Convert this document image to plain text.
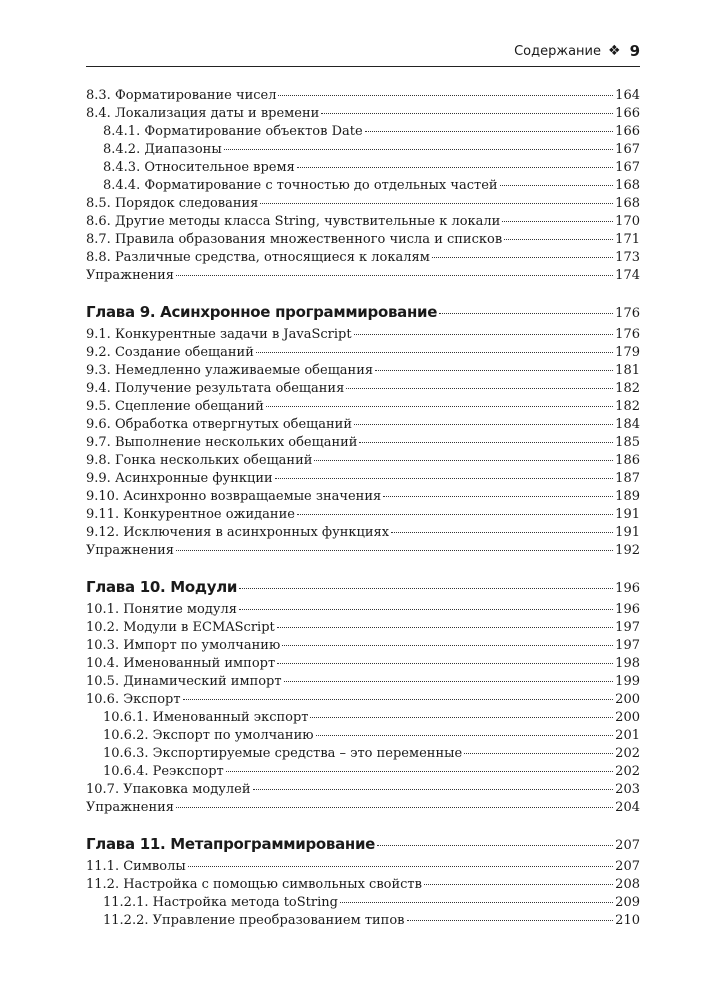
Содержание ❖ 9
8.3. Форматирование чисел	164
8.4. Локализация даты и времени	166
8.4.1. Форматирование объектов Date	166
8.4.2. Диапазоны	167
8.4.3. Относительное время	167
8.4.4. Форматирование с точностью до отдельных частей	168
8.5. Порядок следования	168
8.6. Другие методы класса String, чувствительные к локали	170
8.7. Правила образования множественного числа и списков	171
8.8. Различные средства, относящиеся к локалям	173
Упражнения	174
Глава 9. Асинхронное программирование	176
9.1. Конкурентные задачи в JavaScript	176
9.2. Создание обещаний	179
9.3. Немедленно улаживаемые обещания	181
9.4. Получение результата обещания	182
9.5. Сцепление обещаний	182
9.6. Обработка отвергнутых обещаний	184
9.7. Выполнение нескольких обещаний	185
9.8. Гонка нескольких обещаний	186
9.9. Асинхронные функции	187
9.10. Асинхронно возвращаемые значения	189
9.11. Конкурентное ожидание	191
9.12. Исключения в асинхронных функциях	191
Упражнения	192
Глава 10. Модули	196
10.1. Понятие модуля	196
10.2. Модули в ECMAScript	197
10.3. Импорт по умолчанию	197
10.4. Именованный импорт	198
10.5. Динамический импорт	199
10.6. Экспорт	200
10.6.1. Именованный экспорт	200
10.6.2. Экспорт по умолчанию	201
10.6.3. Экспортируемые средства – это переменные	202
10.6.4. Реэкспорт	202
10.7. Упаковка модулей	203
Упражнения	204
Глава 11. Метапрограммирование	207
11.1. Символы	207
11.2. Настройка с помощью символьных свойств	208
11.2.1. Настройка метода toString	209
11.2.2. Управление преобразованием типов	210
